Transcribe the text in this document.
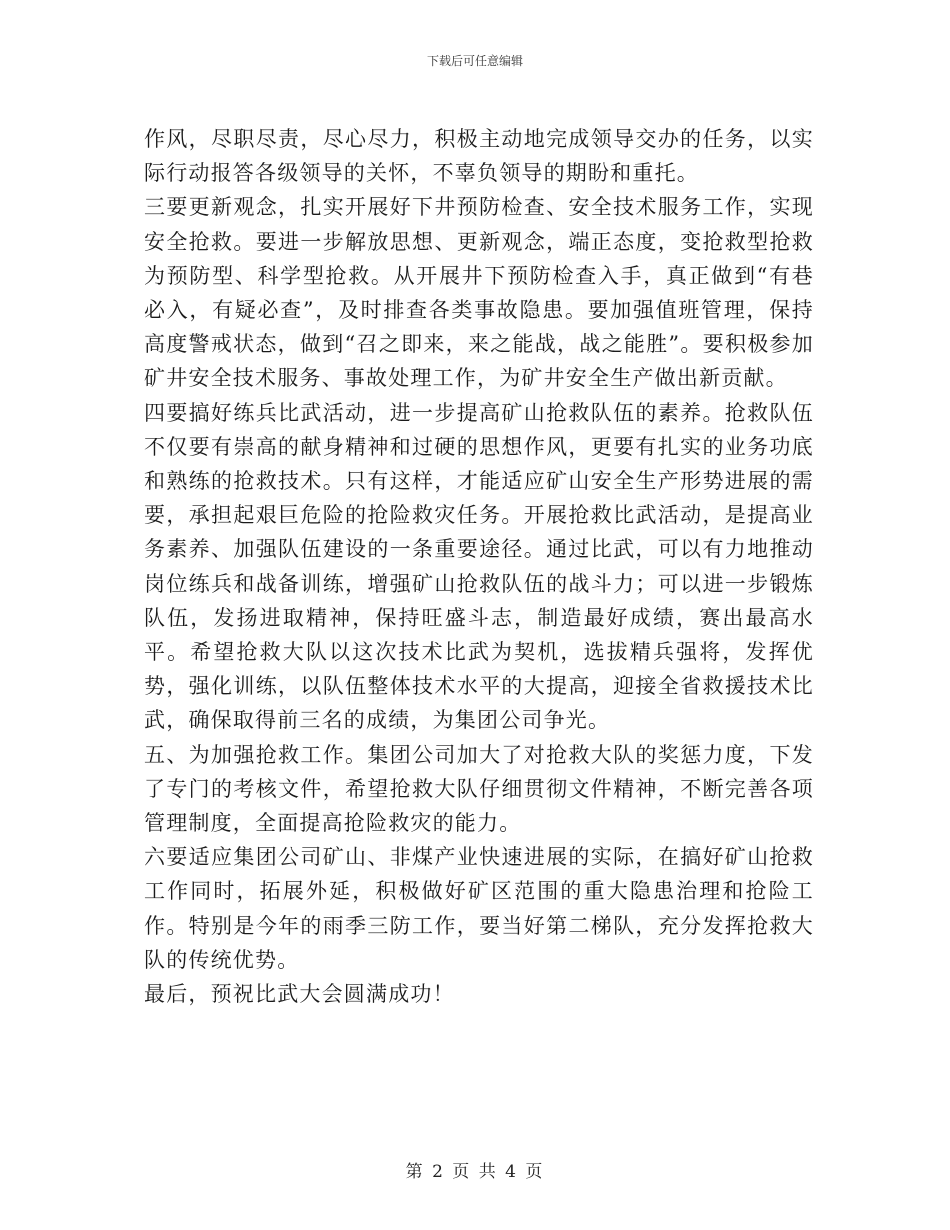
下载后可任意编辑

作风，尽职尽责，尽心尽力，积极主动地完成领导交办的任务，以实际行动报答各级领导的关怀，不辜负领导的期盼和重托。

三要更新观念，扎实开展好下井预防检查、安全技术服务工作，实现安全抢救。要进一步解放思想、更新观念，端正态度，变抢救型抢救为预防型、科学型抢救。从开展井下预防检查入手，真正做到“有巷必入，有疑必查”，及时排查各类事故隐患。要加强值班管理，保持高度警戒状态，做到“召之即来，来之能战，战之能胜”。要积极参加矿井安全技术服务、事故处理工作，为矿井安全生产做出新贡献。

四要搞好练兵比武活动，进一步提高矿山抢救队伍的素养。抢救队伍不仅要有崇高的献身精神和过硬的思想作风，更要有扎实的业务功底和熟练的抢救技术。只有这样，才能适应矿山安全生产形势进展的需要，承担起艰巨危险的抢险救灾任务。开展抢救比武活动，是提高业务素养、加强队伍建设的一条重要途径。通过比武，可以有力地推动岗位练兵和战备训练，增强矿山抢救队伍的战斗力；可以进一步锻炼队伍，发扬进取精神，保持旺盛斗志，制造最好成绩，赛出最高水平。希望抢救大队以这次技术比武为契机，选拔精兵强将，发挥优势，强化训练，以队伍整体技术水平的大提高，迎接全省救援技术比武，确保取得前三名的成绩，为集团公司争光。

五、为加强抢救工作。集团公司加大了对抢救大队的奖惩力度，下发了专门的考核文件，希望抢救大队仔细贯彻文件精神，不断完善各项管理制度，全面提高抢险救灾的能力。

六要适应集团公司矿山、非煤产业快速进展的实际，在搞好矿山抢救工作同时，拓展外延，积极做好矿区范围的重大隐患治理和抢险工作。特别是今年的雨季三防工作，要当好第二梯队，充分发挥抢救大队的传统优势。

最后，预祝比武大会圆满成功！

第 2 页 共 4 页
